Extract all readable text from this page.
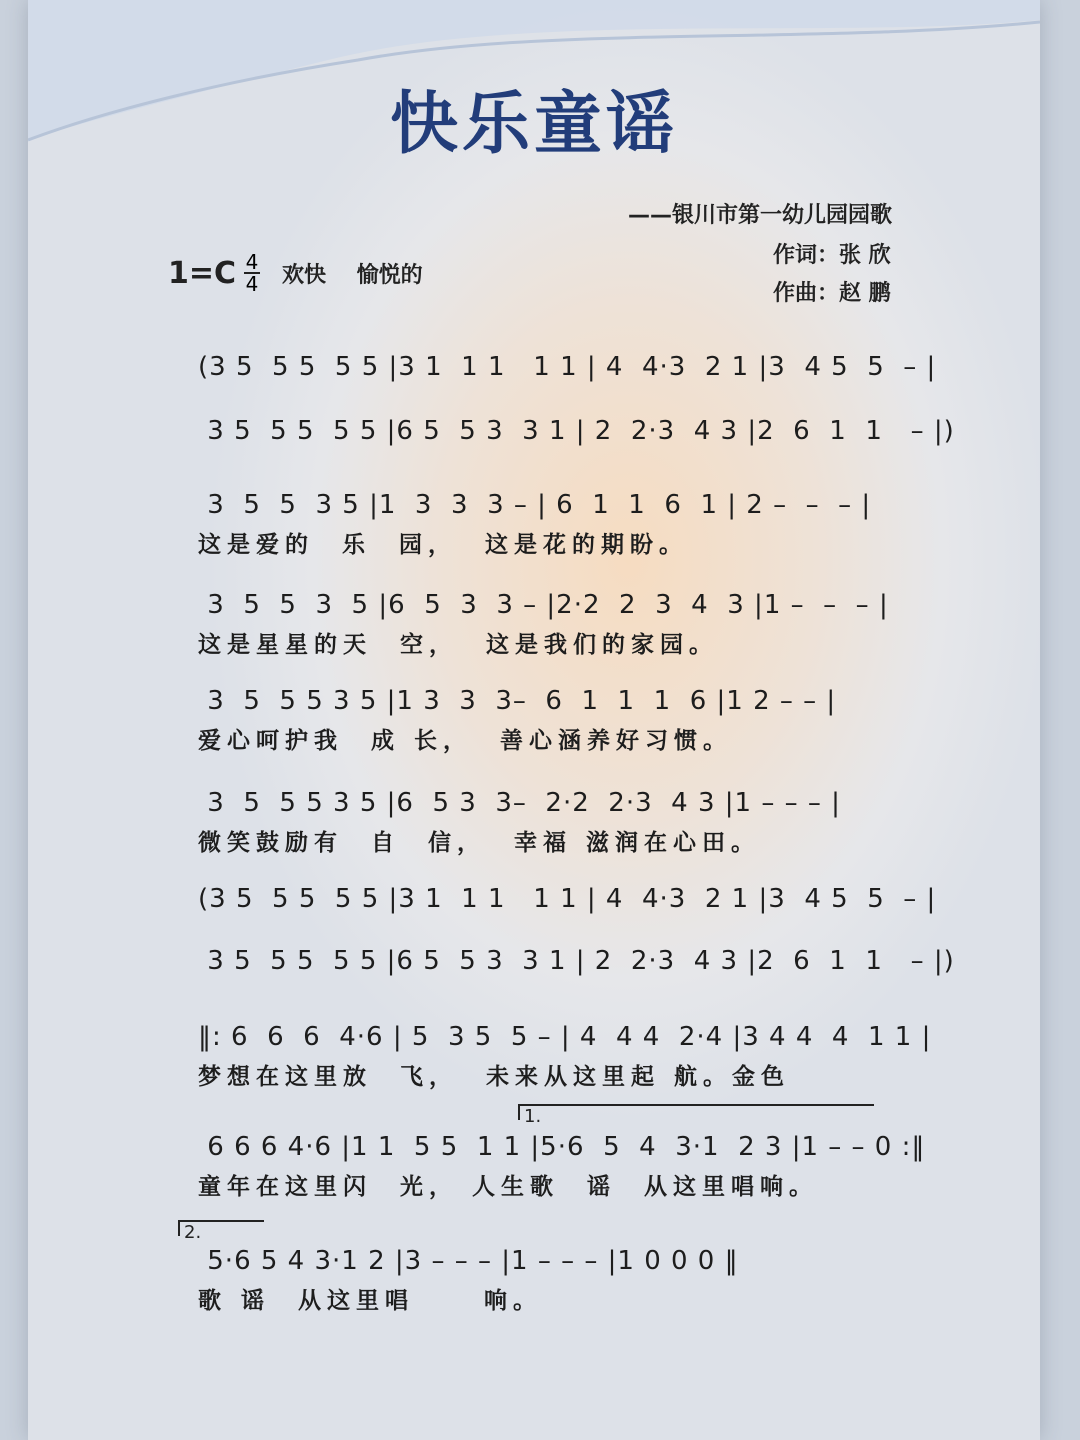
快乐童谣
——银川市第一幼儿园园歌
作词：张 欣
作曲：赵 鹏
$1=C \frac{4}{4}$ 欢快    愉悦的
(3 5  5 5  5 5 |3 1  1 1   1 1 | 4  4·3  2 1 |3  4 5  5  – |
3 5  5 5  5 5 |6 5  5 3  3 1 | 2  2·3  4 3 |2  6  1  1   – |)
3  5  5  3 5 |1  3  3  3 – | 6  1  1  6  1 | 2 –  –  – |
这是爱的  乐  园，  这是花的期盼。
3  5  5  3  5 |6  5  3  3 – |2·2  2  3  4  3 |1 –  –  – |
这是星星的天  空，  这是我们的家园。
3  5  5 5 3 5 |1 3  3  3–  6  1  1  1  6 |1 2 – – |
爱心呵护我  成 长，  善心涵养好习惯。
3  5  5 5 3 5 |6  5 3  3–  2·2  2·3  4 3 |1 – – – |
微笑鼓励有  自  信，  幸福 滋润在心田。
(3 5  5 5  5 5 |3 1  1 1   1 1 | 4  4·3  2 1 |3  4 5  5  – |
3 5  5 5  5 5 |6 5  5 3  3 1 | 2  2·3  4 3 |2  6  1  1   – |)
‖: 6  6  6  4·6 | 5  3 5  5 – | 4  4 4  2·4 |3 4 4  4  1 1 |
梦想在这里放  飞，  未来从这里起 航。金色
1.
6 6 6 4·6 |1 1  5 5  1 1 |5·6  5  4  3·1  2 3 |1 – – 0 :‖
童年在这里闪  光， 人生歌  谣  从这里唱响。
2.
5·6 5 4 3·1 2 |3 – – – |1 – – – |1 0 0 0 ‖
歌 谣  从这里唱     响。
